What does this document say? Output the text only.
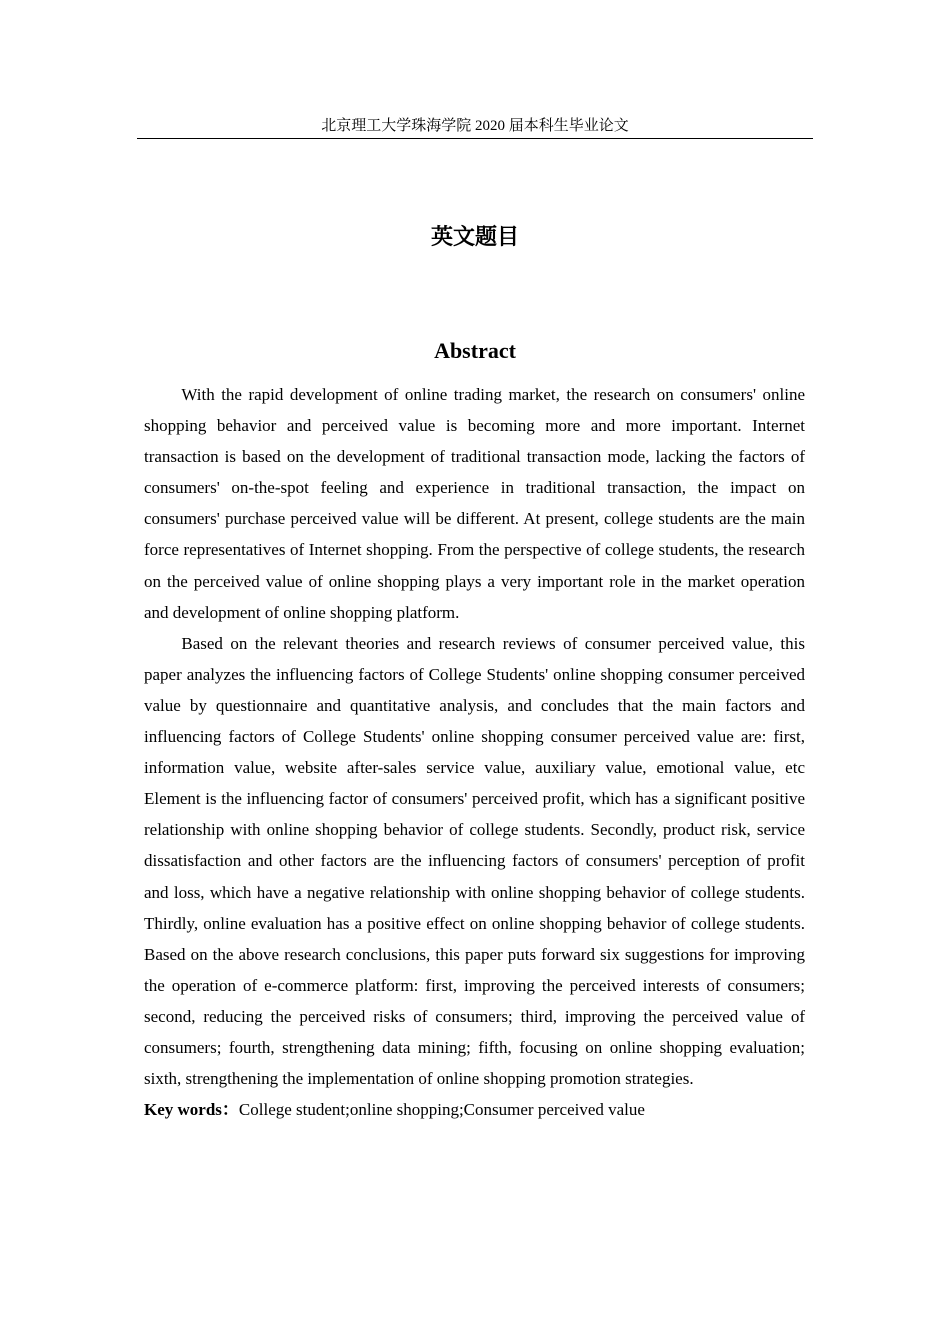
北京理工大学珠海学院 2020 届本科生毕业论文
英文题目
Abstract

With the rapid development of online trading market, the research on consumers' online shopping behavior and perceived value is becoming more and more important. Internet transaction is based on the development of traditional transaction mode, lacking the factors of consumers' on-the-spot feeling and experience in traditional transaction, the impact on consumers' purchase perceived value will be different. At present, college students are the main force representatives of Internet shopping. From the perspective of college students, the research on the perceived value of online shopping plays a very important role in the market operation and development of online shopping platform.

Based on the relevant theories and research reviews of consumer perceived value, this paper analyzes the influencing factors of College Students' online shopping consumer perceived value by questionnaire and quantitative analysis, and concludes that the main factors and influencing factors of College Students' online shopping consumer perceived value are: first, information value, website after-sales service value, auxiliary value, emotional value, etc Element is the influencing factor of consumers' perceived profit, which has a significant positive relationship with online shopping behavior of college students. Secondly, product risk, service dissatisfaction and other factors are the influencing factors of consumers' perception of profit and loss, which have a negative relationship with online shopping behavior of college students. Thirdly, online evaluation has a positive effect on online shopping behavior of college students. Based on the above research conclusions, this paper puts forward six suggestions for improving the operation of e-commerce platform: first, improving the perceived interests of consumers; second, reducing the perceived risks of consumers; third, improving the perceived value of consumers; fourth, strengthening data mining; fifth, focusing on online shopping evaluation; sixth, strengthening the implementation of online shopping promotion strategies.

Key words：College student;online shopping;Consumer perceived value
